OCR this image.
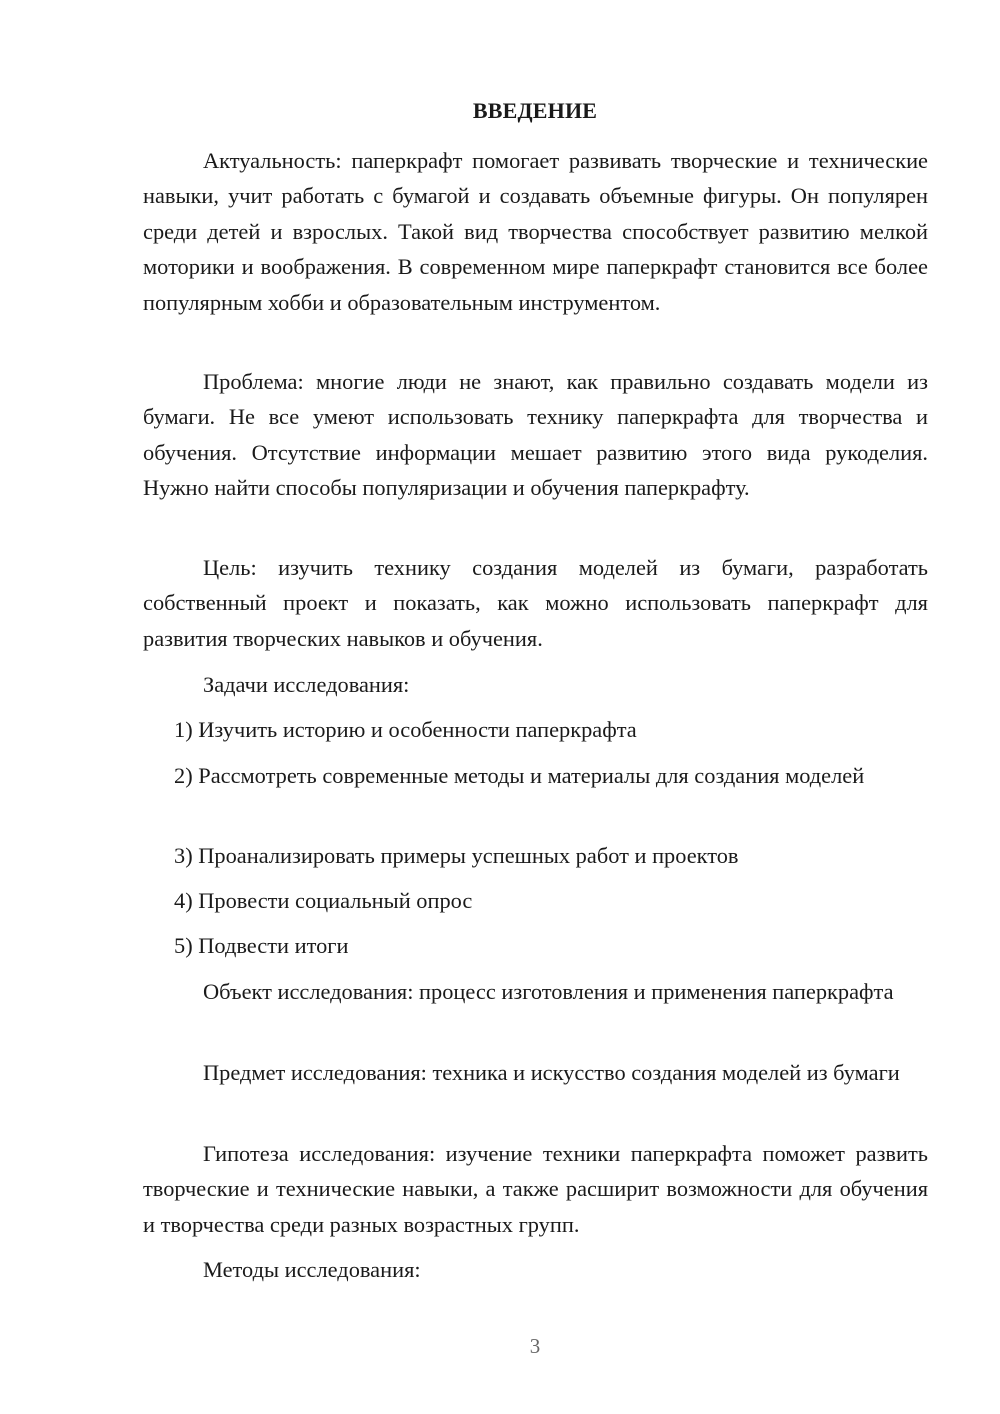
ВВЕДЕНИЕ

Актуальность: паперкрафт помогает развивать творческие и технические навыки, учит работать с бумагой и создавать объемные фигуры. Он популярен среди детей и взрослых. Такой вид творчества способствует развитию мелкой моторики и воображения. В современном мире паперкрафт становится все более популярным хобби и образовательным инструментом.

Проблема: многие люди не знают, как правильно создавать модели из бумаги. Не все умеют использовать технику паперкрафта для творчества и обучения. Отсутствие информации мешает развитию этого вида рукоделия. Нужно найти способы популяризации и обучения паперкрафту.

Цель: изучить технику создания моделей из бумаги, разработать собственный проект и показать, как можно использовать паперкрафт для развития творческих навыков и обучения.

Задачи исследования:

1) Изучить историю и особенности паперкрафта

2) Рассмотреть современные методы и материалы для создания моделей

3) Проанализировать примеры успешных работ и проектов

4) Провести социальный опрос

5) Подвести итоги

Объект исследования: процесс изготовления и применения паперкрафта

Предмет исследования: техника и искусство создания моделей из бумаги

Гипотеза исследования: изучение техники паперкрафта поможет развить творческие и технические навыки, а также расширит возможности для обучения и творчества среди разных возрастных групп.

Методы исследования:

3
